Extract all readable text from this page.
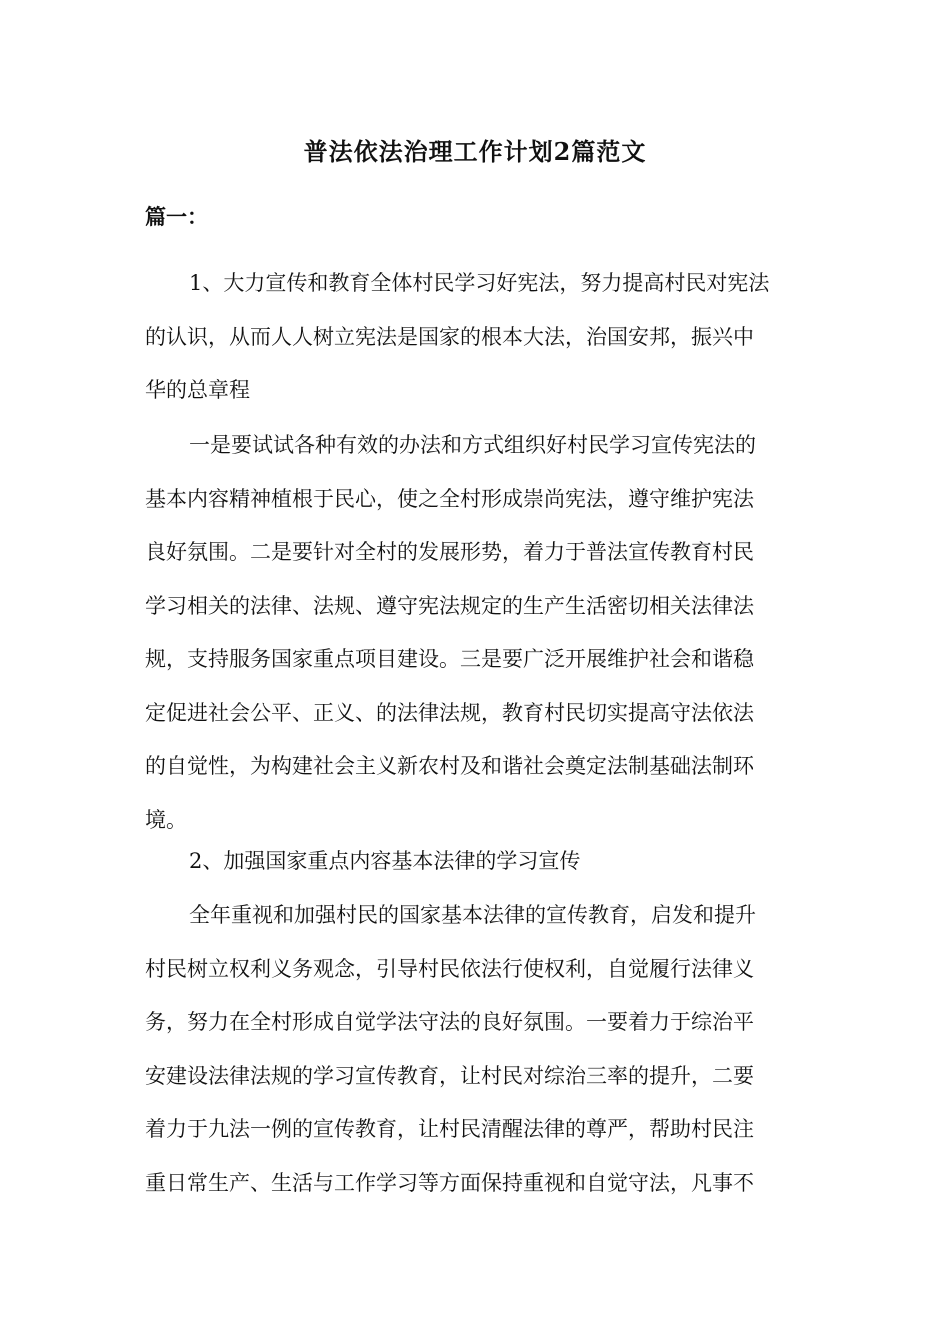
普法依法治理工作计划2篇范文
篇一：
1、大力宣传和教育全体村民学习好宪法，努力提高村民对宪法
的认识，从而人人树立宪法是国家的根本大法，治国安邦，振兴中
华的总章程
一是要试试各种有效的办法和方式组织好村民学习宣传宪法的
基本内容精神植根于民心，使之全村形成崇尚宪法，遵守维护宪法
良好氛围。二是要针对全村的发展形势，着力于普法宣传教育村民
学习相关的法律、法规、遵守宪法规定的生产生活密切相关法律法
规，支持服务国家重点项目建设。三是要广泛开展维护社会和谐稳
定促进社会公平、正义、的法律法规，教育村民切实提高守法依法
的自觉性，为构建社会主义新农村及和谐社会奠定法制基础法制环
境。
2、加强国家重点内容基本法律的学习宣传
全年重视和加强村民的国家基本法律的宣传教育，启发和提升
村民树立权利义务观念，引导村民依法行使权利，自觉履行法律义
务，努力在全村形成自觉学法守法的良好氛围。一要着力于综治平
安建设法律法规的学习宣传教育，让村民对综治三率的提升，二要
着力于九法一例的宣传教育，让村民清醒法律的尊严，帮助村民注
重日常生产、生活与工作学习等方面保持重视和自觉守法，凡事不
